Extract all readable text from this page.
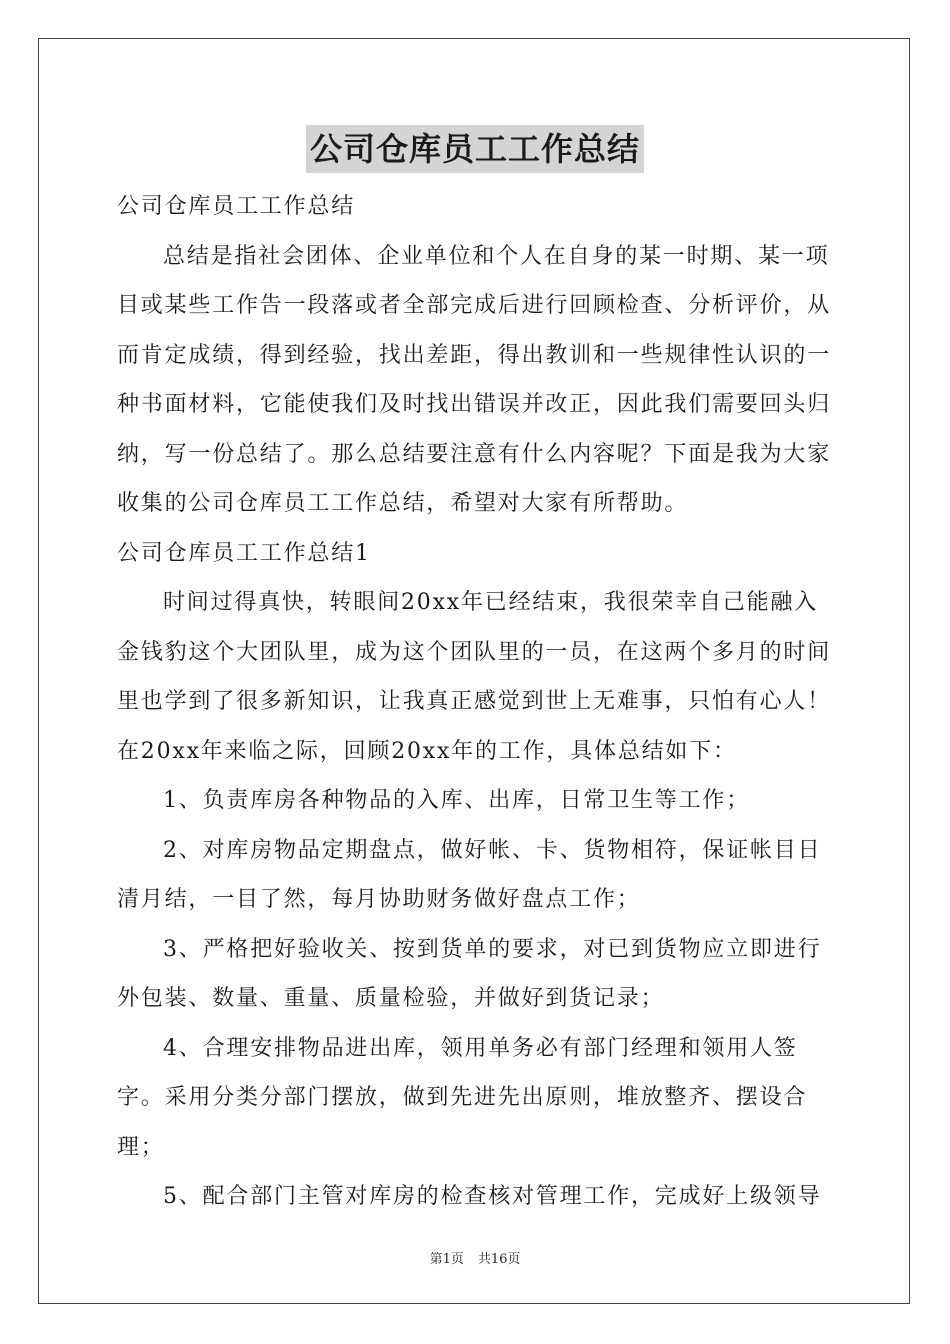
公司仓库员工工作总结

公司仓库员工工作总结

总结是指社会团体、企业单位和个人在自身的某一时期、某一项目或某些工作告一段落或者全部完成后进行回顾检查、分析评价，从而肯定成绩，得到经验，找出差距，得出教训和一些规律性认识的一种书面材料，它能使我们及时找出错误并改正，因此我们需要回头归纳，写一份总结了。那么总结要注意有什么内容呢？下面是我为大家收集的公司仓库员工工作总结，希望对大家有所帮助。

公司仓库员工工作总结1

时间过得真快，转眼间20xx年已经结束，我很荣幸自己能融入金钱豹这个大团队里，成为这个团队里的一员，在这两个多月的时间里也学到了很多新知识，让我真正感觉到世上无难事，只怕有心人！在20xx年来临之际，回顾20xx年的工作，具体总结如下：

1、负责库房各种物品的入库、出库，日常卫生等工作；

2、对库房物品定期盘点，做好帐、卡、货物相符，保证帐目日清月结，一目了然，每月协助财务做好盘点工作；

3、严格把好验收关、按到货单的要求，对已到货物应立即进行外包装、数量、重量、质量检验，并做好到货记录；

4、合理安排物品进出库，领用单务必有部门经理和领用人签字。采用分类分部门摆放，做到先进先出原则，堆放整齐、摆设合理；

5、配合部门主管对库房的检查核对管理工作，完成好上级领导

第1页 共16页
